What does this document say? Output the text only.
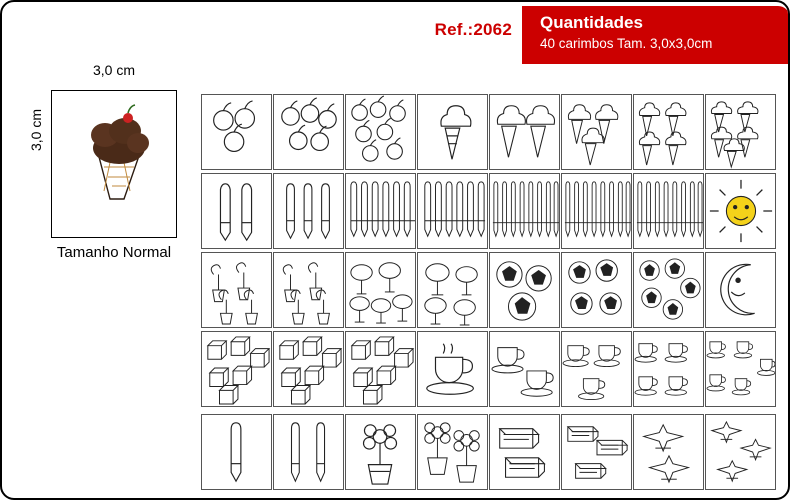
Ref.:2062 Quantidades
40 carimbos Tam. 3,0x3,0cm
3,0 cm
3,0 cm
Tamanho Normal
